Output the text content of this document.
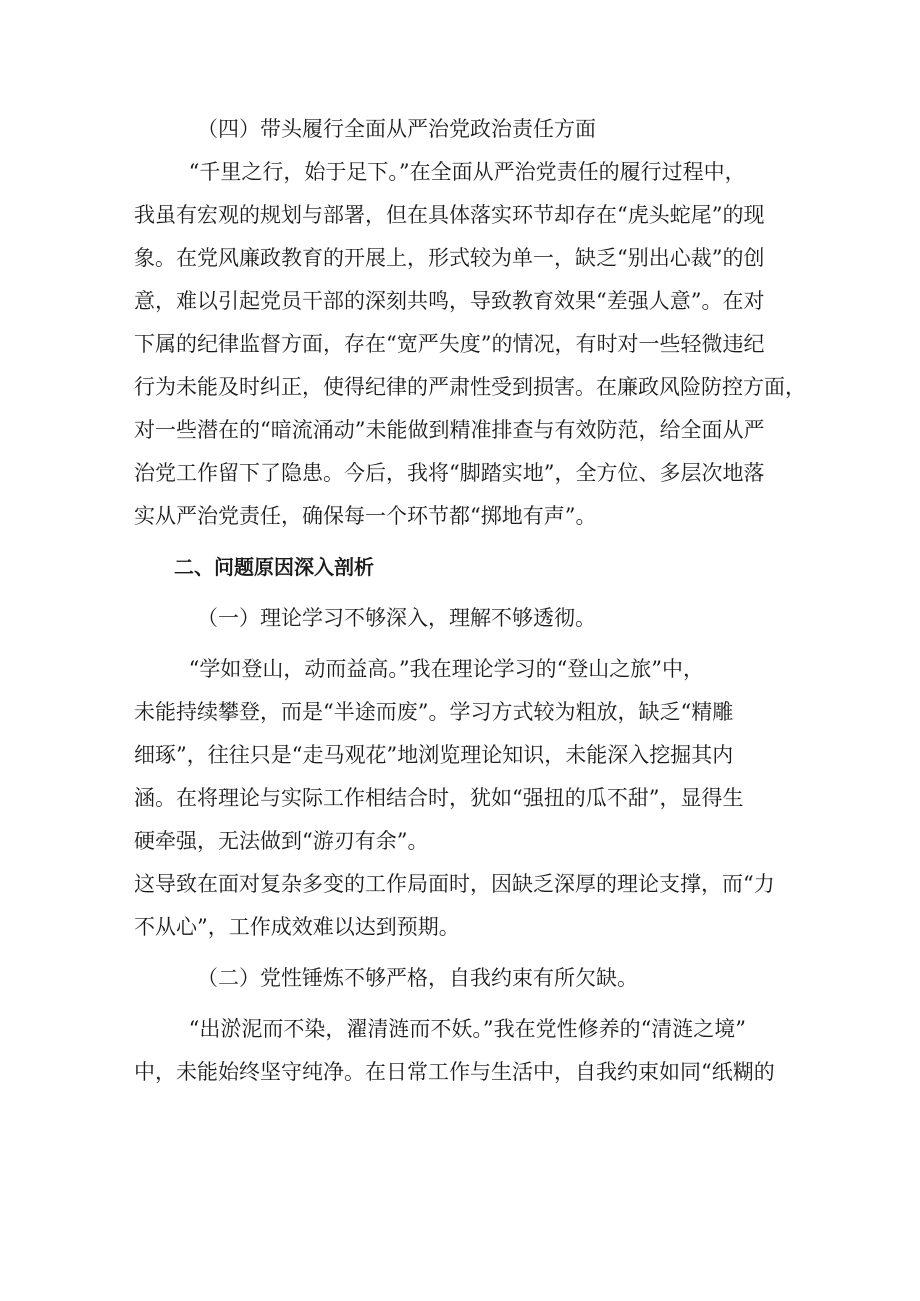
（四）带头履行全面从严治党政治责任方面

“千里之行，始于足下。”在全面从严治党责任的履行过程中，
我虽有宏观的规划与部署，但在具体落实环节却存在“虎头蛇尾”的现
象。在党风廉政教育的开展上，形式较为单一，缺乏“别出心裁”的创
意，难以引起党员干部的深刻共鸣，导致教育效果“差强人意”。在对
下属的纪律监督方面，存在“宽严失度”的情况，有时对一些轻微违纪
行为未能及时纠正，使得纪律的严肃性受到损害。在廉政风险防控方面，
对一些潜在的“暗流涌动”未能做到精准排查与有效防范，给全面从严
治党工作留下了隐患。今后，我将“脚踏实地”，全方位、多层次地落
实从严治党责任，确保每一个环节都“掷地有声”。

二、问题原因深入剖析

（一）理论学习不够深入，理解不够透彻。

“学如登山，动而益高。”我在理论学习的“登山之旅”中，
未能持续攀登，而是“半途而废”。学习方式较为粗放，缺乏“精雕
细琢”，往往只是“走马观花”地浏览理论知识，未能深入挖掘其内
涵。在将理论与实际工作相结合时，犹如“强扭的瓜不甜”，显得生
硬牵强，无法做到“游刃有余”。
这导致在面对复杂多变的工作局面时，因缺乏深厚的理论支撑，而“力
不从心”，工作成效难以达到预期。

（二）党性锤炼不够严格，自我约束有所欠缺。

“出淤泥而不染，濯清涟而不妖。”我在党性修养的“清涟之境”
中，未能始终坚守纯净。在日常工作与生活中，自我约束如同“纸糊的
